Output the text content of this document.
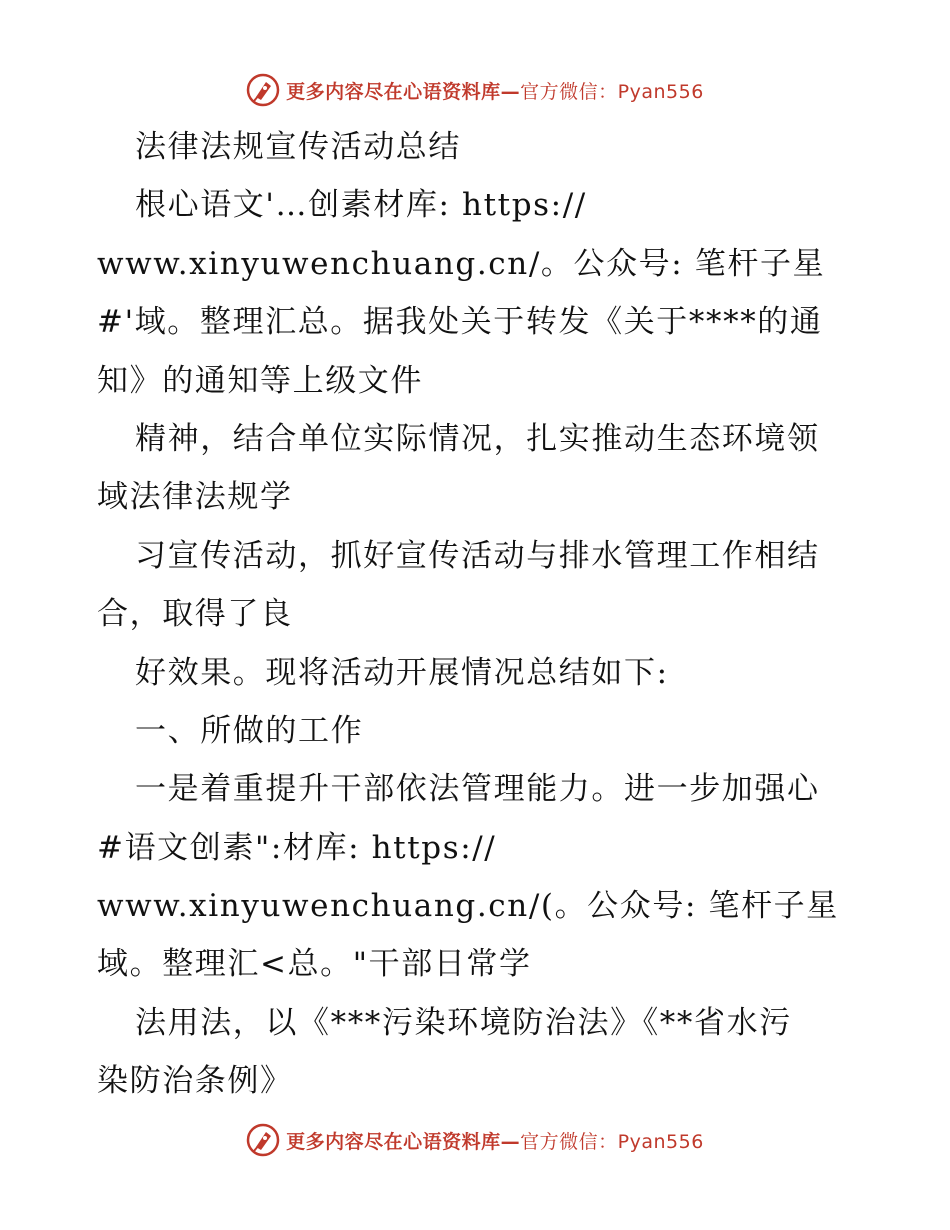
更多内容尽在心语资料库—官方微信：Pyan556
法律法规宣传活动总结
根心语文'…创素材库: https://
www.xinyuwenchuang.cn/。公众号: 笔杆子星
#'域。整理汇总。据我处关于转发《关于****的通
知》的通知等上级文件
精神，结合单位实际情况，扎实推动生态环境领
域法律法规学
习宣传活动，抓好宣传活动与排水管理工作相结
合，取得了良
好效果。现将活动开展情况总结如下:
一、所做的工作
一是着重提升干部依法管理能力。进一步加强心
#语文创素":材库: https://
www.xinyuwenchuang.cn/(。公众号: 笔杆子星
域。整理汇<总。"干部日常学
法用法，以《***污染环境防治法》《**省水污
染防治条例》
更多内容尽在心语资料库—官方微信：Pyan556
